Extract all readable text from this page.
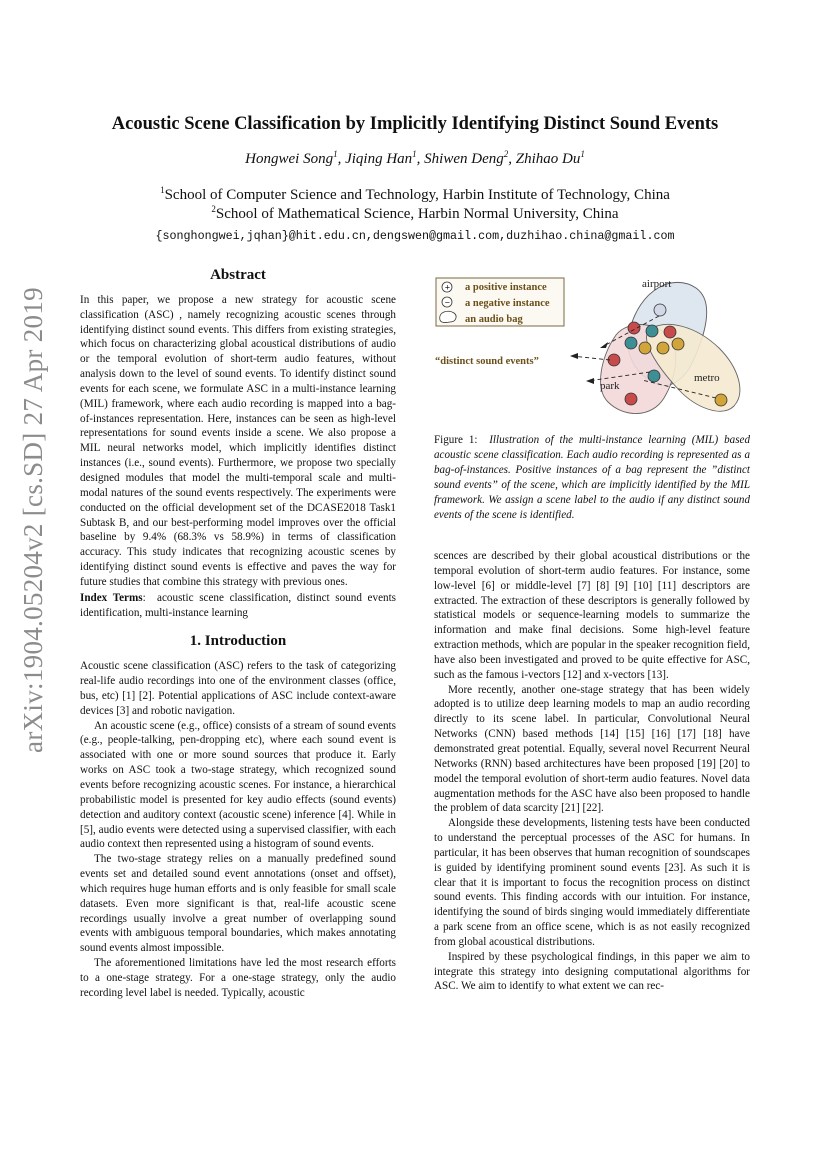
arXiv:1904.05204v2 [cs.SD] 27 Apr 2019
Acoustic Scene Classification by Implicitly Identifying Distinct Sound Events
Hongwei Song$^1$, Jiqing Han$^1$, Shiwen Deng$^2$, Zhihao Du$^1$
$^1$School of Computer Science and Technology, Harbin Institute of Technology, China
$^2$School of Mathematical Science, Harbin Normal University, China
{songhongwei,jqhan}@hit.edu.cn,dengswen@gmail.com,duzhihao.china@gmail.com
Abstract

In this paper, we propose a new strategy for acoustic scene classification (ASC) , namely recognizing acoustic scenes through identifying distinct sound events. This differs from existing strategies, which focus on characterizing global acoustical distributions of audio or the temporal evolution of short-term audio features, without analysis down to the level of sound events. To identify distinct sound events for each scene, we formulate ASC in a multi-instance learning (MIL) framework, where each audio recording is mapped into a bag-of-instances representation. Here, instances can be seen as high-level representations for sound events inside a scene. We also propose a MIL neural networks model, which implicitly identifies distinct instances (i.e., sound events). Furthermore, we propose two specially designed modules that model the multi-temporal scale and multi-modal natures of the sound events respectively. The experiments were conducted on the official development set of the DCASE2018 Task1 Subtask B, and our best-performing model improves over the official baseline by 9.4% (68.3% vs 58.9%) in terms of classification accuracy. This study indicates that recognizing acoustic scenes by identifying distinct sound events is effective and paves the way for future studies that combine this strategy with previous ones.

Index Terms:  acoustic scene classification, distinct sound events identification, multi-instance learning

1. Introduction

Acoustic scene classification (ASC) refers to the task of categorizing real-life audio recordings into one of the environment classes (office, bus, etc) [1] [2]. Potential applications of ASC include context-aware devices [3] and robotic navigation.

An acoustic scene (e.g., office) consists of a stream of sound events (e.g., people-talking, pen-dropping etc), where each sound event is associated with one or more sound sources that produce it. Early works on ASC took a two-stage strategy, which recognized sound events before recognizing acoustic scenes. For instance, a hierarchical probabilistic model is presented for key audio effects (sound events) detection and auditory context (acoustic scene) inference [4]. While in [5], audio events were detected using a supervised classifier, with each audio context then represented using a histogram of sound events.

The two-stage strategy relies on a manually predefined sound events set and detailed sound event annotations (onset and offset), which requires huge human efforts and is only feasible for small scale datasets. Even more significant is that, real-life acoustic scene recordings usually involve a great number of overlapping sound events with ambiguous temporal boundaries, which makes annotating sound events almost impossible.

The aforementioned limitations have led the most research efforts to a one-stage strategy. For a one-stage strategy, only the audio recording level label is needed. Typically, acoustic

+
−
a positive instance
a negative instance
an audio bag
airport
park
metro
“distinct sound events”

Figure 1: Illustration of the multi-instance learning (MIL) based acoustic scene classification. Each audio recording is represented as a bag-of-instances. Positive instances of a bag represent the ”distinct sound events” of the scene, which are implicitly identified by the MIL framework. We assign a scene label to the audio if any distinct sound events of the scene is identified.

scences are described by their global acoustical distributions or the temporal evolution of short-term audio features. For instance, some low-level [6] or middle-level [7] [8] [9] [10] [11] descriptors are extracted. The extraction of these descriptors is generally followed by statistical models or sequence-learning models to summarize the information and make final decisions. Some high-level feature extraction methods, which are popular in the speaker recognition field, have also been investigated and proved to be quite effective for ASC, such as the famous i-vectors [12] and x-vectors [13].

More recently, another one-stage strategy that has been widely adopted is to utilize deep learning models to map an audio recording directly to its scene label. In particular, Convolutional Neural Networks (CNN) based methods [14] [15] [16] [17] [18] have demonstrated great potential. Equally, several novel Recurrent Neural Networks (RNN) based architectures have been proposed [19] [20] to model the temporal evolution of short-term audio features. Novel data augmentation methods for the ASC have also been proposed to handle the problem of data scarcity [21] [22].

Alongside these developments, listening tests have been conducted to understand the perceptual processes of the ASC for humans. In particular, it has been observes that human recognition of soundscapes is guided by identifying prominent sound events [23]. As such it is clear that it is important to focus the recognition process on distinct sound events. This finding accords with our intuition. For instance, identifying the sound of birds singing would immediately differentiate a park scene from an office scene, which is as not easily recognized from global acoustical distributions.

Inspired by these psychological findings, in this paper we aim to integrate this strategy into designing computational algorithms for ASC. We aim to identify to what extent we can rec-
